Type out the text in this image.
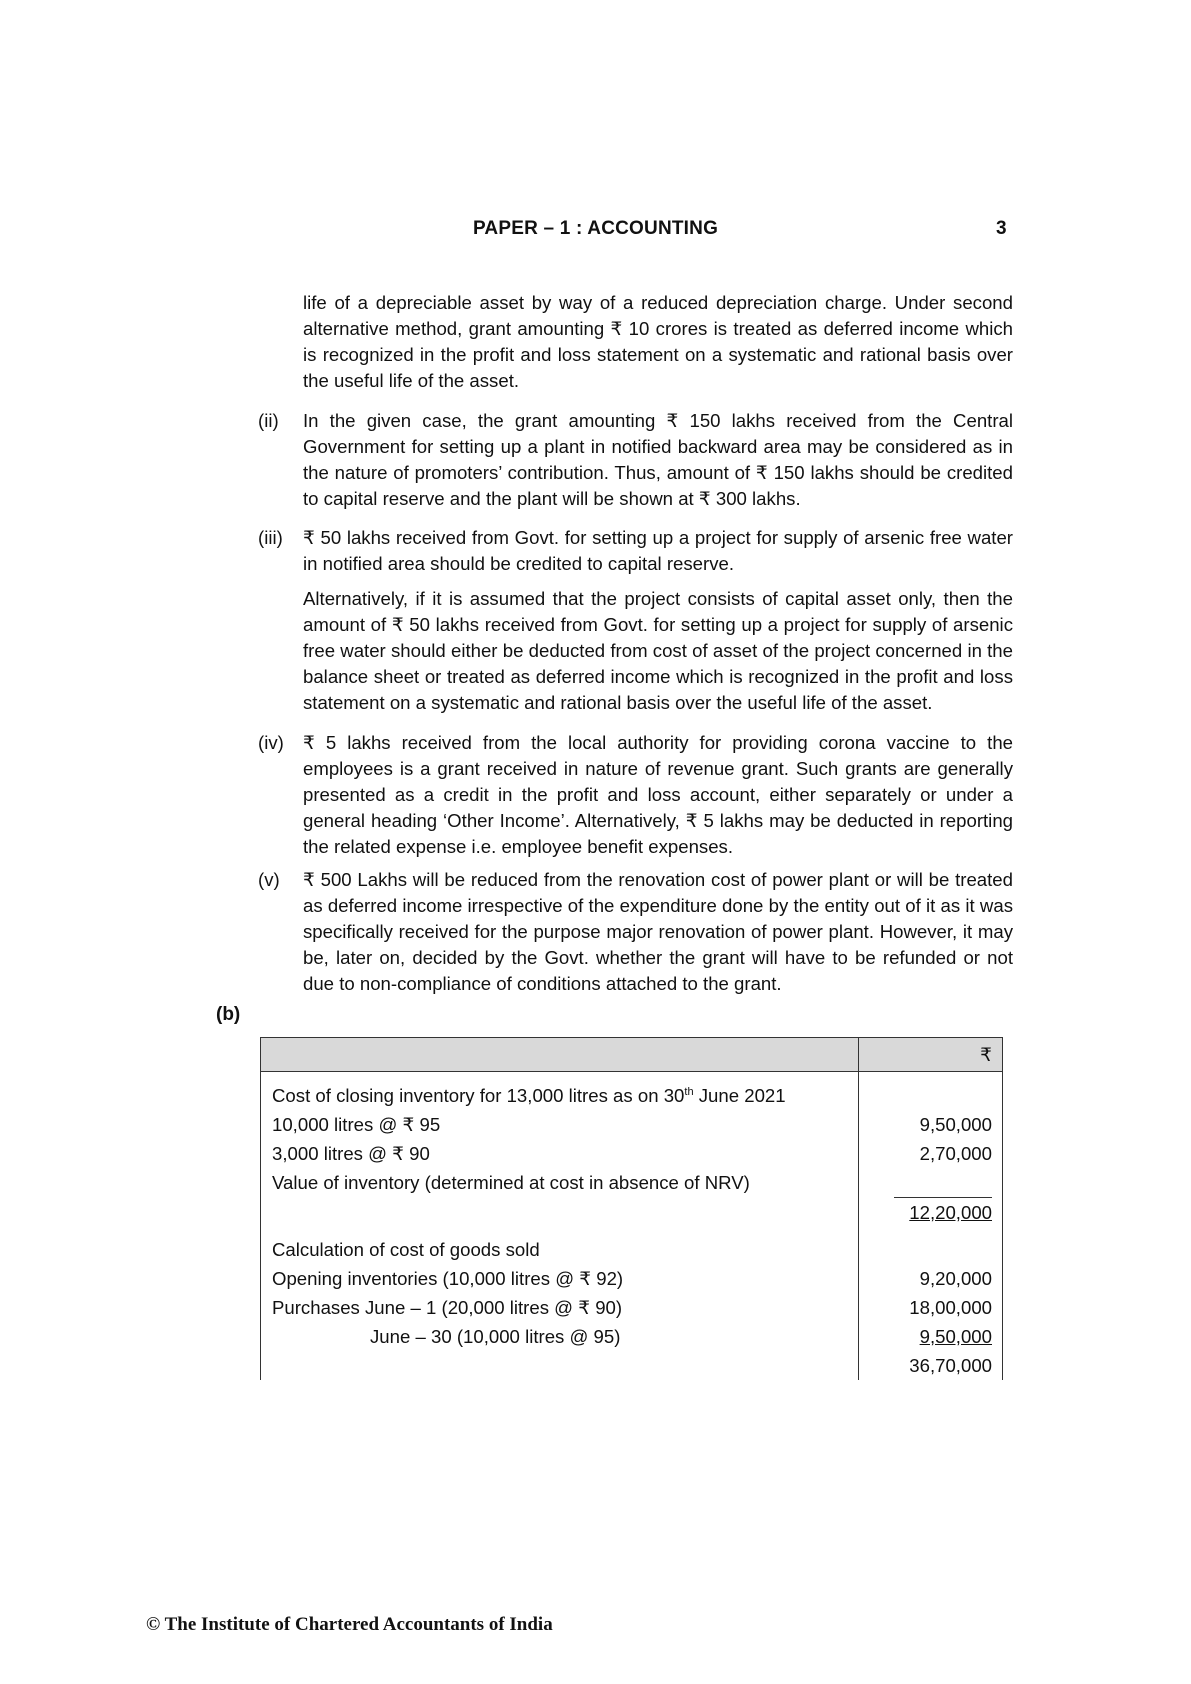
PAPER – 1 : ACCOUNTING	3
life of a depreciable asset by way of a reduced depreciation charge. Under second alternative method, grant amounting ₹ 10 crores is treated as deferred income which is recognized in the profit and loss statement on a systematic and rational basis over the useful life of the asset.
(ii) In the given case, the grant amounting ₹ 150 lakhs received from the Central Government for setting up a plant in notified backward area may be considered as in the nature of promoters’ contribution. Thus, amount of ₹ 150 lakhs should be credited to capital reserve and the plant will be shown at ₹ 300 lakhs.
(iii) ₹ 50 lakhs received from Govt. for setting up a project for supply of arsenic free water in notified area should be credited to capital reserve.
Alternatively, if it is assumed that the project consists of capital asset only, then the amount of ₹ 50 lakhs received from Govt. for setting up a project for supply of arsenic free water should either be deducted from cost of asset of the project concerned in the balance sheet or treated as deferred income which is recognized in the profit and loss statement on a systematic and rational basis over the useful life of the asset.
(iv) ₹ 5 lakhs received from the local authority for providing corona vaccine to the employees is a grant received in nature of revenue grant. Such grants are generally presented as a credit in the profit and loss account, either separately or under a general heading ‘Other Income’. Alternatively, ₹ 5 lakhs may be deducted in reporting the related expense i.e. employee benefit expenses.
(v) ₹ 500 Lakhs will be reduced from the renovation cost of power plant or will be treated as deferred income irrespective of the expenditure done by the entity out of it as it was specifically received for the purpose major renovation of power plant. However, it may be, later on, decided by the Govt. whether the grant will have to be refunded or not due to non-compliance of conditions attached to the grant.
(b)
	₹
Cost of closing inventory for 13,000 litres as on 30th June 2021	
10,000 litres @ ₹ 95	9,50,000
3,000 litres @ ₹ 90	2,70,000
Value of inventory (determined at cost in absence of NRV)	
	12,20,000
Calculation of cost of goods sold	
Opening inventories (10,000 litres @ ₹ 92)	9,20,000
Purchases June – 1 (20,000 litres @ ₹ 90)	18,00,000
June – 30 (10,000 litres @ 95)	9,50,000
	36,70,000
© The Institute of Chartered Accountants of India
